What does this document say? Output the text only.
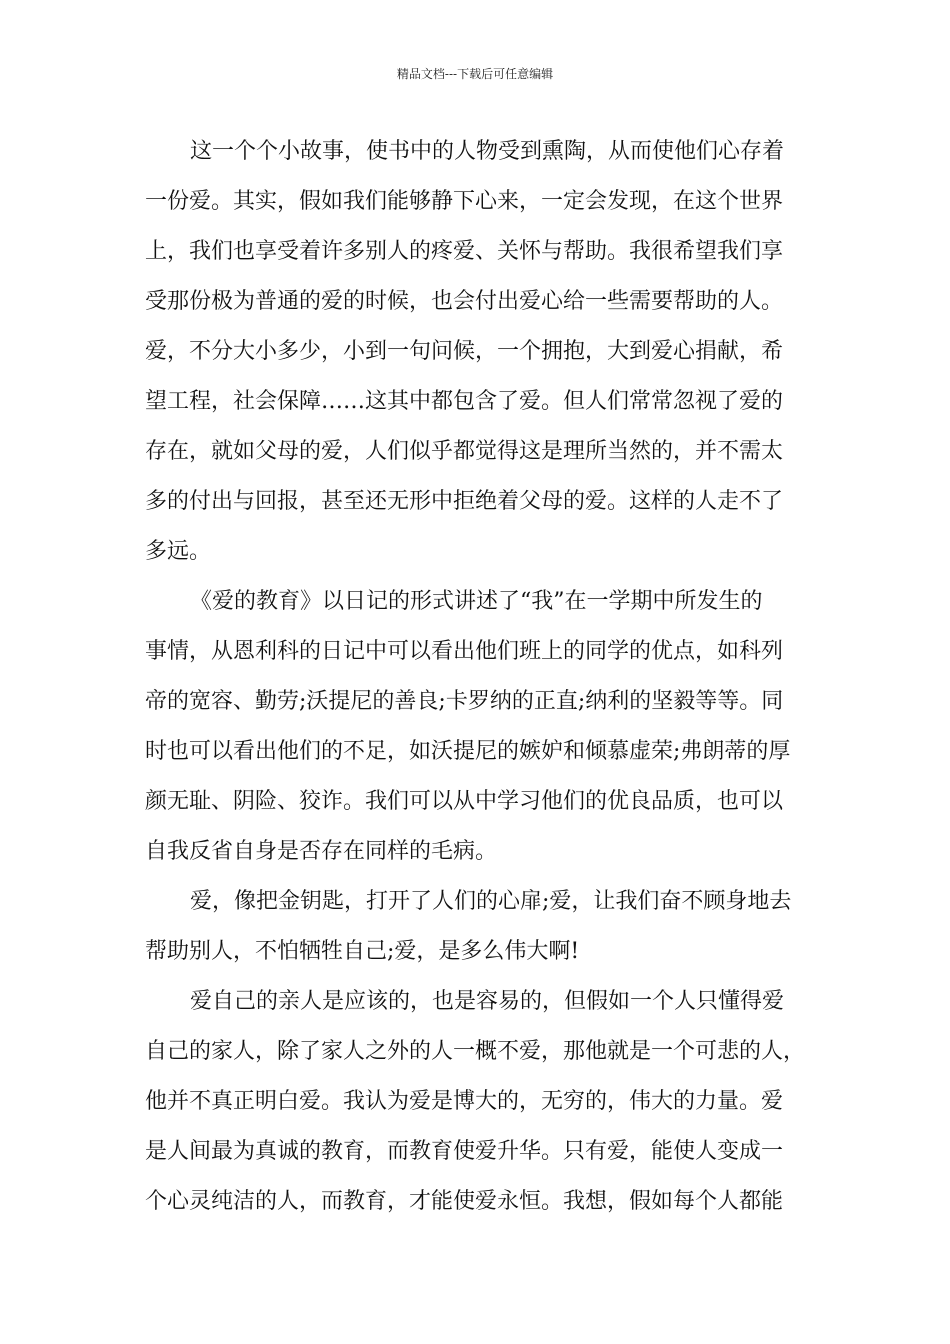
精品文档---下载后可任意编辑
这一个个小故事，使书中的人物受到熏陶，从而使他们心存着
一份爱。其实，假如我们能够静下心来，一定会发现，在这个世界
上，我们也享受着许多别人的疼爱、关怀与帮助。我很希望我们享
受那份极为普通的爱的时候，也会付出爱心给一些需要帮助的人。
爱，不分大小多少，小到一句问候，一个拥抱，大到爱心捐献，希
望工程，社会保障……这其中都包含了爱。但人们常常忽视了爱的
存在，就如父母的爱，人们似乎都觉得这是理所当然的，并不需太
多的付出与回报，甚至还无形中拒绝着父母的爱。这样的人走不了
多远。
《爱的教育》以日记的形式讲述了“我”在一学期中所发生的
事情，从恩利科的日记中可以看出他们班上的同学的优点，如科列
帝的宽容、勤劳;沃提尼的善良;卡罗纳的正直;纳利的坚毅等等。同
时也可以看出他们的不足，如沃提尼的嫉妒和倾慕虚荣;弗朗蒂的厚
颜无耻、阴险、狡诈。我们可以从中学习他们的优良品质，也可以
自我反省自身是否存在同样的毛病。
爱，像把金钥匙，打开了人们的心扉;爱，让我们奋不顾身地去
帮助别人，不怕牺牲自己;爱，是多么伟大啊!
爱自己的亲人是应该的，也是容易的，但假如一个人只懂得爱
自己的家人，除了家人之外的人一概不爱，那他就是一个可悲的人，
他并不真正明白爱。我认为爱是博大的，无穷的，伟大的力量。爱
是人间最为真诚的教育，而教育使爱升华。只有爱，能使人变成一
个心灵纯洁的人，而教育，才能使爱永恒。我想，假如每个人都能
